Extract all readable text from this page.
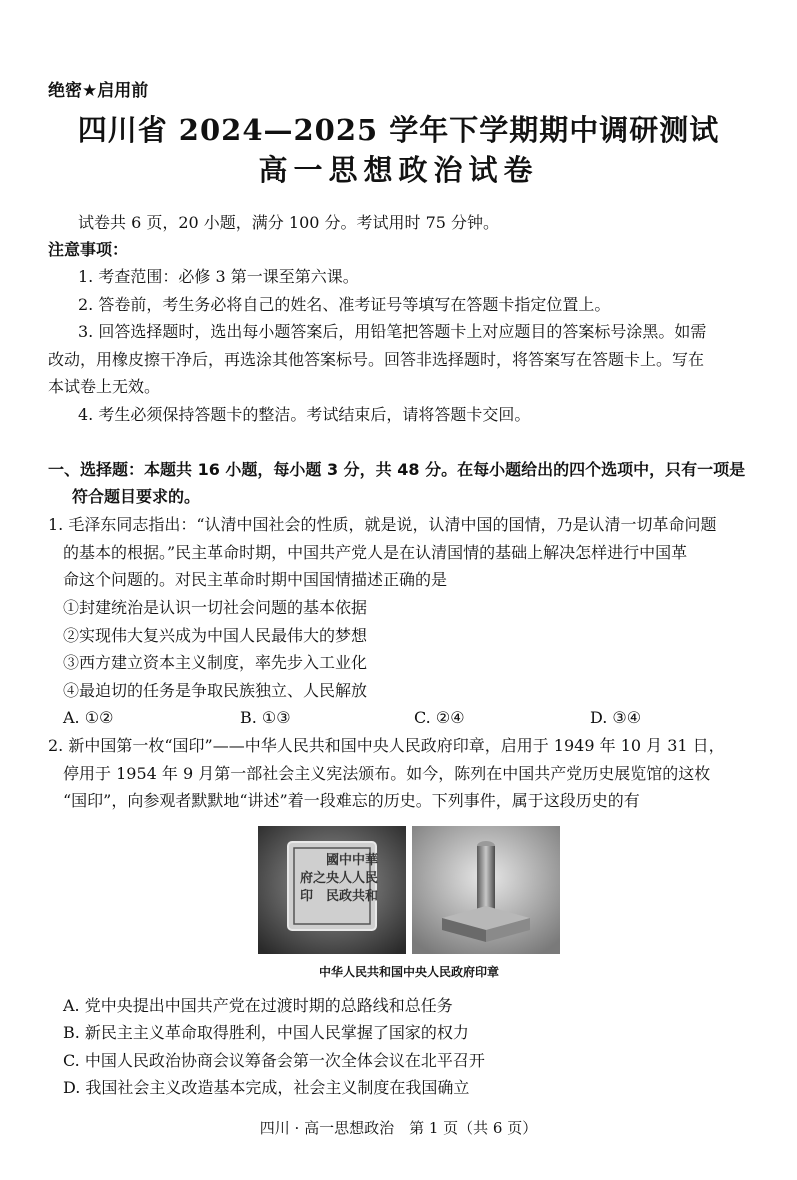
绝密★启用前
四川省 2024—2025 学年下学期期中调研测试
高一思想政治试卷
试卷共 6 页，20 小题，满分 100 分。考试用时 75 分钟。
注意事项：
1. 考查范围：必修 3 第一课至第六课。
2. 答卷前，考生务必将自己的姓名、准考证号等填写在答题卡指定位置上。
3. 回答选择题时，选出每小题答案后，用铅笔把答题卡上对应题目的答案标号涂黑。如需
改动，用橡皮擦干净后，再选涂其他答案标号。回答非选择题时，将答案写在答题卡上。写在
本试卷上无效。
4. 考生必须保持答题卡的整洁。考试结束后，请将答题卡交回。
一、选择题：本题共 16 小题，每小题 3 分，共 48 分。在每小题给出的四个选项中，只有一项是
符合题目要求的。
1. 毛泽东同志指出：“认清中国社会的性质，就是说，认清中国的国情，乃是认清一切革命问题
的基本的根据。”民主革命时期，中国共产党人是在认清国情的基础上解决怎样进行中国革
命这个问题的。对民主革命时期中国国情描述正确的是
①封建统治是认识一切社会问题的基本依据
②实现伟大复兴成为中国人民最伟大的梦想
③西方建立资本主义制度，率先步入工业化
④最迫切的任务是争取民族独立、人民解放
A. ①②	B. ①③	C. ②④	D. ③④
2. 新中国第一枚“国印”——中华人民共和国中央人民政府印章，启用于 1949 年 10 月 31 日，
停用于 1954 年 9 月第一部社会主义宪法颁布。如今，陈列在中国共产党历史展览馆的这枚
“国印”，向参观者默默地“讲述”着一段难忘的历史。下列事件，属于这段历史的有
中華
人民
共和
國中
央人
民政
府之
印
中华人民共和国中央人民政府印章
A. 党中央提出中国共产党在过渡时期的总路线和总任务
B. 新民主主义革命取得胜利，中国人民掌握了国家的权力
C. 中国人民政治协商会议筹备会第一次全体会议在北平召开
D. 我国社会主义改造基本完成，社会主义制度在我国确立
四川 · 高一思想政治　第 1 页（共 6 页）
